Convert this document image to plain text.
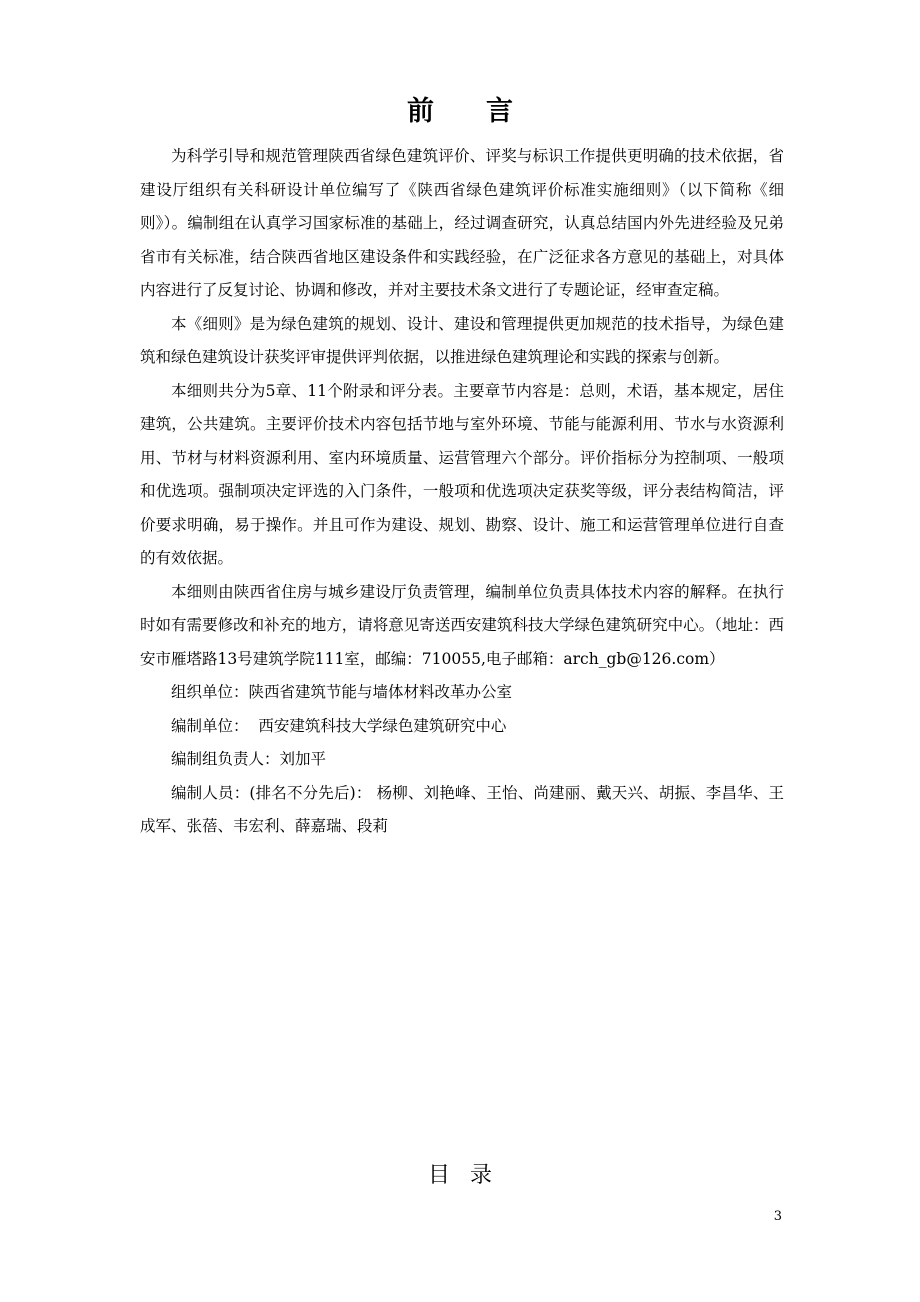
前言

为科学引导和规范管理陕西省绿色建筑评价、评奖与标识工作提供更明确的技术依据，省建设厅组织有关科研设计单位编写了《陕西省绿色建筑评价标准实施细则》（以下简称《细则》）。编制组在认真学习国家标准的基础上，经过调查研究，认真总结国内外先进经验及兄弟省市有关标准，结合陕西省地区建设条件和实践经验，在广泛征求各方意见的基础上，对具体内容进行了反复讨论、协调和修改，并对主要技术条文进行了专题论证，经审查定稿。

本《细则》是为绿色建筑的规划、设计、建设和管理提供更加规范的技术指导，为绿色建筑和绿色建筑设计获奖评审提供评判依据，以推进绿色建筑理论和实践的探索与创新。

本细则共分为5章、11个附录和评分表。主要章节内容是：总则，术语，基本规定，居住建筑，公共建筑。主要评价技术内容包括节地与室外环境、节能与能源利用、节水与水资源利用、节材与材料资源利用、室内环境质量、运营管理六个部分。评价指标分为控制项、一般项和优选项。强制项决定评选的入门条件，一般项和优选项决定获奖等级，评分表结构简洁，评价要求明确，易于操作。并且可作为建设、规划、勘察、设计、施工和运营管理单位进行自查的有效依据。

本细则由陕西省住房与城乡建设厅负责管理，编制单位负责具体技术内容的解释。在执行时如有需要修改和补充的地方，请将意见寄送西安建筑科技大学绿色建筑研究中心。（地址：西安市雁塔路13号建筑学院111室，邮编：710055,电子邮箱：arch_gb@126.com）

组织单位：陕西省建筑节能与墙体材料改革办公室

编制单位：  西安建筑科技大学绿色建筑研究中心

编制组负责人：刘加平

编制人员：(排名不分先后)： 杨柳、刘艳峰、王怡、尚建丽、戴天兴、胡振、李昌华、王成军、张蓓、韦宏利、薛嘉瑞、段莉

目录
3
